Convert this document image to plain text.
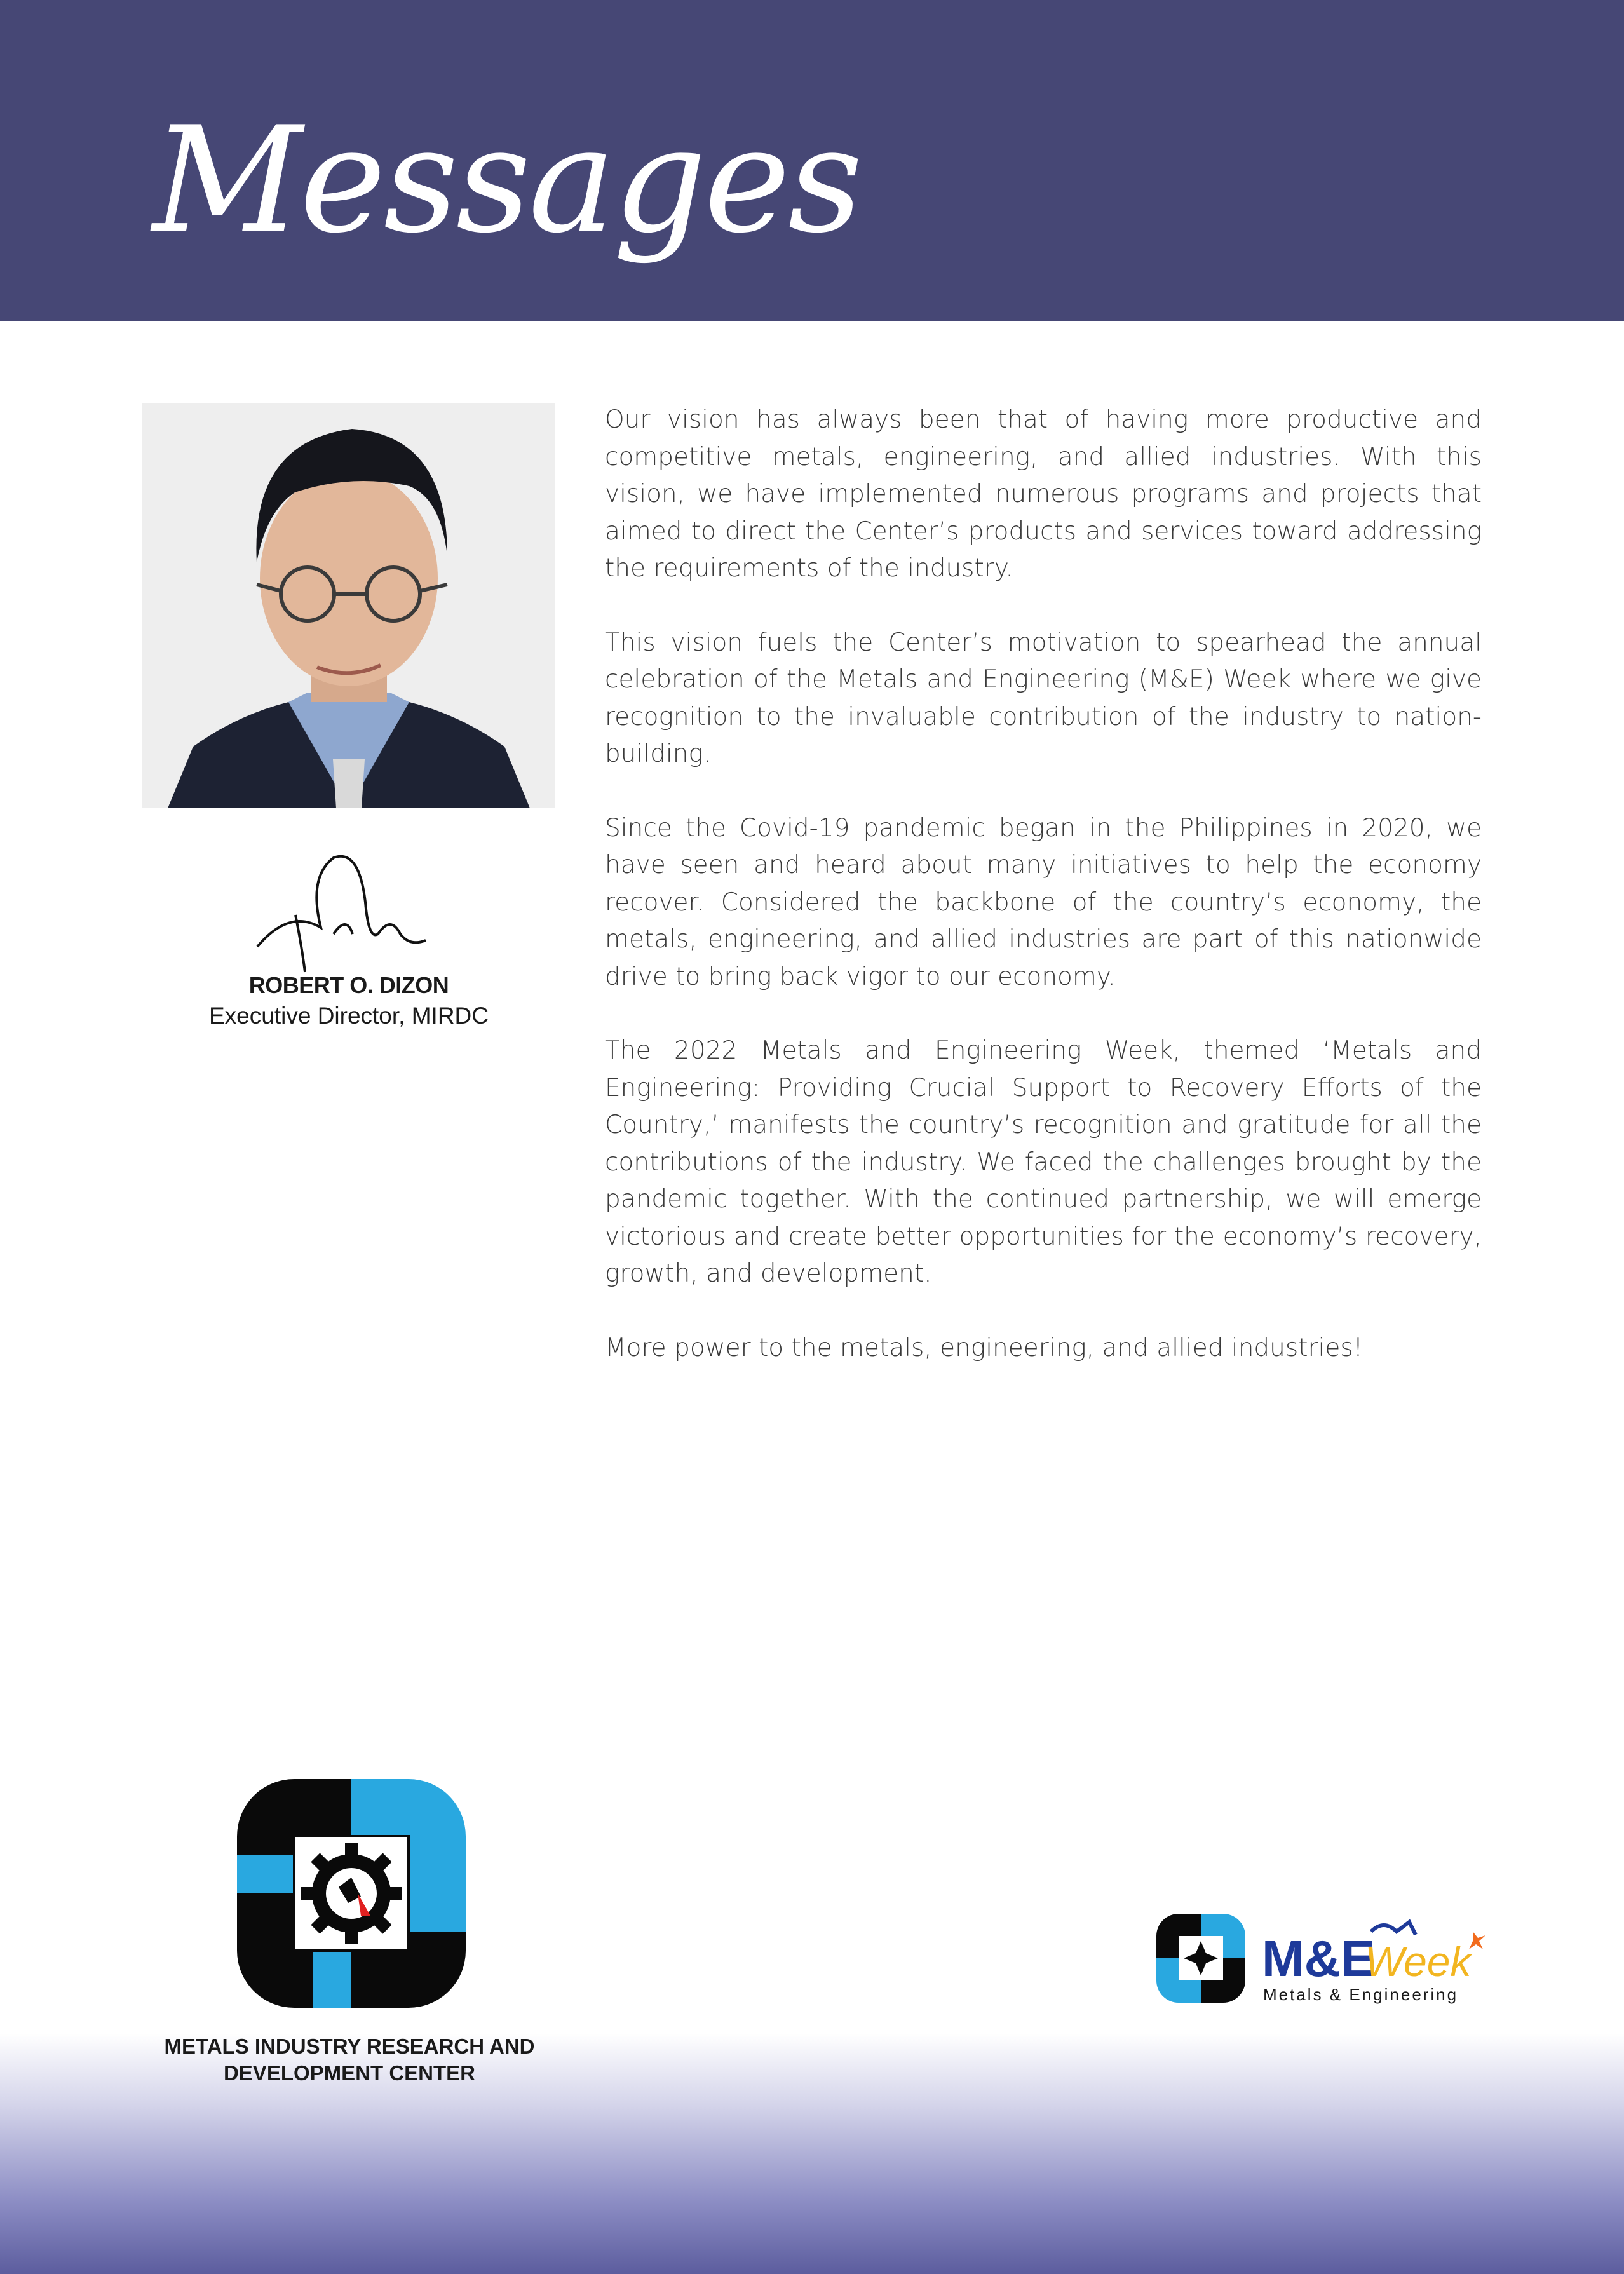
Messages
ROBERT O. DIZON
Executive Director, MIRDC

Our vision has always been that of having more productive and competitive metals, engineering, and allied industries. With this vision, we have implemented numerous programs and projects that aimed to direct the Center’s products and services toward addressing the requirements of the industry.

This vision fuels the Center’s motivation to spearhead the annual celebration of the Metals and Engineering (M&E) Week where we give recognition to the invaluable contribution of the industry to nation-building.

Since the Covid-19 pandemic began in the Philippines in 2020, we have seen and heard about many initiatives to help the economy recover. Considered the backbone of the country’s economy, the metals, engineering, and allied industries are part of this nationwide drive to bring back vigor to our economy.

The 2022 Metals and Engineering Week, themed ‘Metals and Engineering: Providing Crucial Support to Recovery Efforts of the Country,’ manifests the country’s recognition and gratitude for all the contributions of the industry. We faced the challenges brought by the pandemic together. With the continued partnership, we will emerge victorious and create better opportunities for the economy’s recovery, growth, and development.

More power to the metals, engineering, and allied industries!

METALS INDUSTRY RESEARCH AND
DEVELOPMENT CENTER
M&E
Week
Metals & Engineering
